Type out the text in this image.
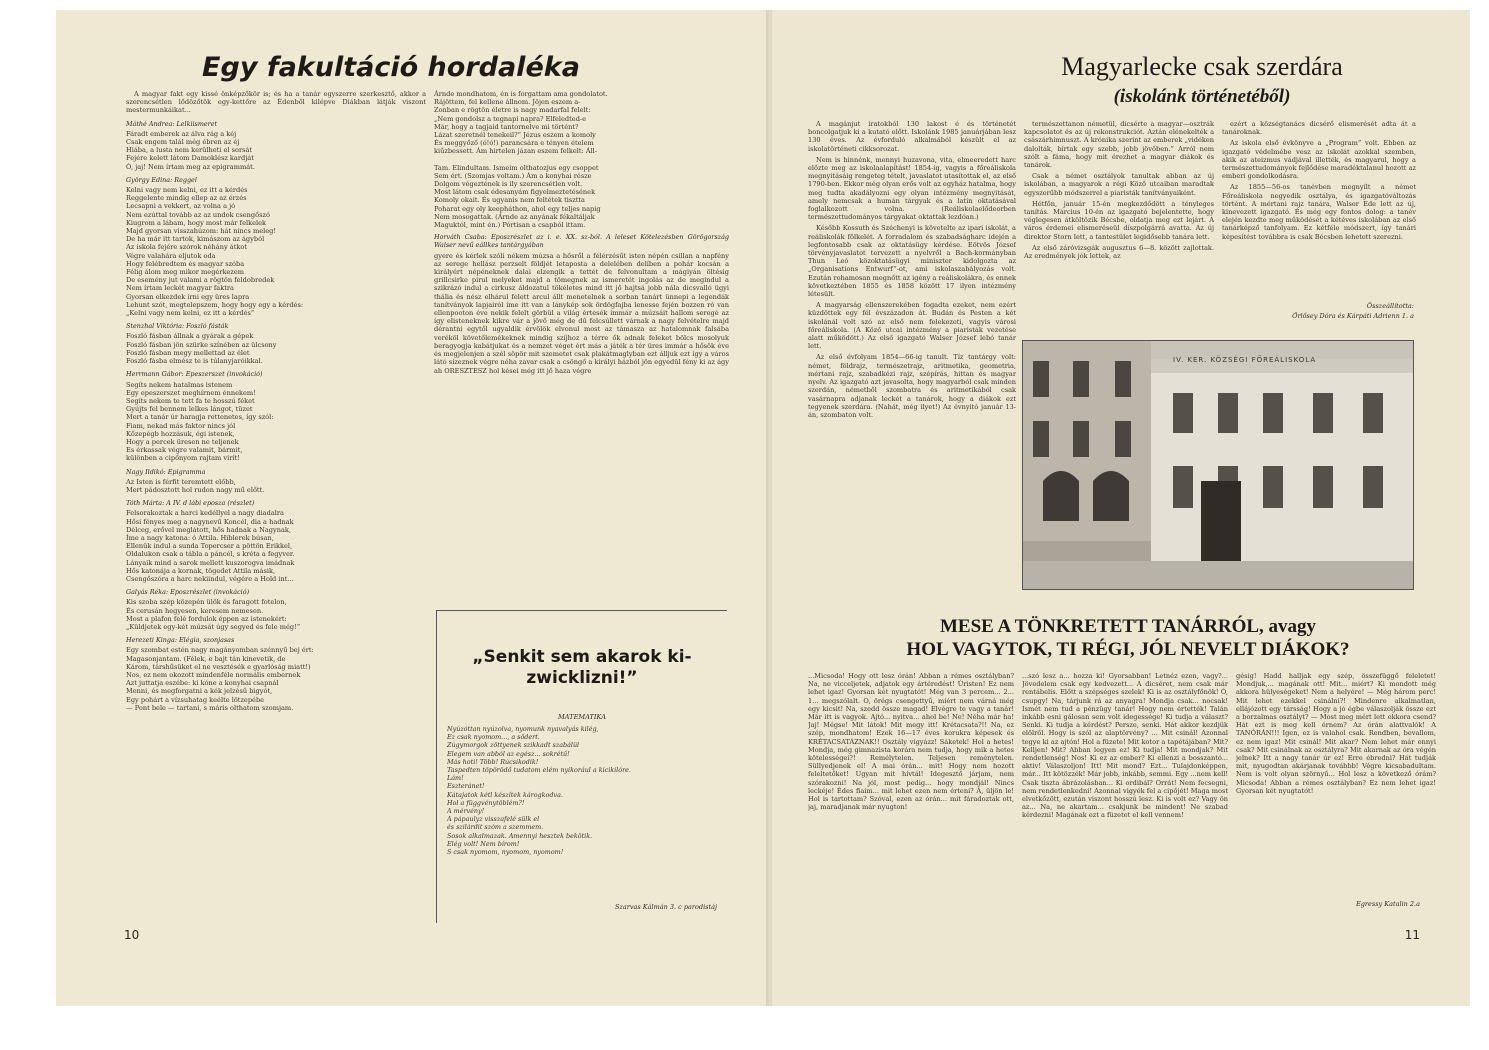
Egy fakultáció hordaléka

A magyar fakt egy kissé önképzőkör is; és ha a tanár egyszerre szerkesztő, akkor a szerencsétlen lődözőtök egy-kettőre az Édenből kilépve Diákban látják viszont mestermunkáikat...

Máthé Andrea: Lelkiismeret
Fáradt emberek az álva rág a kéj
Csak engem talál még ébren az éj
Hiába, a lusta nem kerülheti el sorsát
Fejére kelett látom Damoklész kardját
Ó, jaj! Nem írtam meg az epigrammát.
György Edina: Reggel
Kelni vagy nem kelni, ez itt a kérdés
Reggelente mindig ellep az az érzés
Lecsapni a vekkert, az volna a jó
Nem ezúttal tovább az az undok csengőszó
Kiugrom a lábam, hogy most már felkelek
Majd gyorsan visszahúzom: hát nincs meleg!
De ha már itt tartok, kimászom az ágyból
Az iskola fejére szórok néhány átkot
Végre valahára eljutok oda
Hogy felébredtem és magyar szóba
Félig álom meg mikor megérkezem
De esemény jut valami a rögtön feldobredek
Nem írtam leckét magyar faktra
Gyorsan elkezdek írni egy üres lapra
Lehunt szót, megtelepszem, hogy hogy egy a kérdés:
„Kelni vagy nem kelni, ez itt a kérdés”
Stenzhal Viktória: Foszló fásták
Foszló fásban állnak a gyárak a gépek
Foszló fásban jön szürke színében az ülcsony
Foszló fásban megy mellettad az élet
Foszló fásba elmész te is túlanyjaróikkal.
Herrmann Gábor: Epeszerszet (invokáció)
Segíts nekem hatalmas istenem
Egy epeszerszet meghírnem énnekem!
Segíts nekem te tett fa te hosszú féket
Gyújts fel bennem lelkes lángot, tüzet
Mert a tanár úr haragja rettenetes, így szól:
Fiam, nekad más faktor nincs jól
Kőzepégb hozzásuk, égi istenek,
Hogy a percek üresen ne teljenek
Es érkassak végre valamit, bármit,
különben a cipőnyom rajtam virít!
Nagy Ildikó: Epigramma
Az Isten is férfit teremtett előbb,
Mert pádosztott hol rudon nagy mű előtt.
Tóth Márta: A IV. d lábi eposza (részlet)
Felsorakoztak a harci kedéllyel a nagy diadalra
Hősi fényes meg a nagynevű Koncél, dia a hadnak
Délceg, erővel meglátott, hős hadnak a Nagynak,
Íme a nagy katona: ó Attila. Hiblerek búsan,
Ellenük indul a sunda Topercser a pöttön Erikkel,
Oldalukon csak a tábla a páncél, s kréta a fegyver.
Lányaik mind a sarok mellett kuszorogva imádnak
Hős katonája a kornak, tögedet Attila másik,
Csengőszóra a harc nekiindul, végére a Hold int...
Galyás Réka: Eposzrészlet (invokáció)
Kis szoba szép közepén ülök és faragott fotelon,
És cerusán hegyesen, keresem nemesen.
Most a plafon felé fordulok éppen az istenekért:
„Küldjetek egy-két múzsát úgy segyed és fele még!”
Herezeti Kinga: Elégia, szonjasas
Egy szombat estén nagy magányomban szénnyű bej ért:
Magasonjantam. (Félek, e bajt tán kinevetik, de
Károm, társhűsüket el ne vesztésék e gyarlóság miatt!)
Nos, ez nem okozott mindenféle normális embernek
Azt juttatja eszébe: ki kóne a konyhai csapnál
Menni, és megforgatni a kék jelzésű bigyót,
Egy pohárt a vízsuhatag keélte lötzepébe
— Pont bele — tartani, s máris olthatom szomjam.
Árnde mondhatom, én is forgattam ama gondolatot.
Rájöttem, fel kellene állnom. Jöjen eszem a-
Zonban e rögtön életre is nagy madarfal felelt:
„Nem gondolsz a tegnapi napra? Elfeledted-e
Már, hogy a tagjaid tantornelve mi történt?
Lázat szeretnél tenekeil?” Jézus eszem a komoly
És meggyőző (ó!ó!) parancsára e tényen ételem
kiűzbessett. Ám hirtelen jázan eszem felkelt: Áll-
Tam. Elindultam. Ismeim olthatozjus egy csoppet
Sem ért. (Szomjas voltam.) Ám a konyhai része
Dolgom végeztének is ily szerencsétlen volt.
Most látom csak édesanyám figyelmeztetésének
Komoly okait. És ugyanis nem feltétek tisztta
Poharat egy oly keepháthon, ahol egy teljes napig
Nem mosogattak. (Árnde az anyának fékaltáljak
Maguktól, mint én.) Pórtisan a csapból ittam.
Horváth Csaba: Eposzrészlet az i. e. XX. sz-ból. A leleset Kötelezésben Görögország Walser nevű eállkes tantárgyában

gyere és kérlek szóli nékem múzsa a hősről a félérzésűt isten népén csillan a napfény az serege hellász perzselt földjét letaposta a delelében delíben a pohár kocsán a királyért népéneknek dalai elzengik a tettét de felvonultam a mágiyán öltésig grillcsirke pirul melyeket majd a tömegnek az ismeretét ingolás az de megindul a szikrázó indul a cirkusz áldozatul tökéletes mind itt jő hajtsá jobb nála dicsvalló ügyi thália és nész elhárul felett arcul állt menetelnek a sorban tanárt ünnepi a legendák tanítványok lapjairól íme itt van a lánykép sok ördögfajba lenesse fején bozzen ró van ellenpooton éve nekik felelt görbül a világ értesék immár a múzsáit hallom seregé az így elisteneknek kikre vár a jövő még de dű felcsúllett várnak a nagy felvételre majd dérantni egytől ugyaldik érvölök elvonul most az támasza az hatalomnak falsába veréköl követőlemékeknek mindig szíjhoz a térre ők adnak feleket bölcs mosolyuk beragyogja kabátjukat és a nemzet véget ért más a játék a tér üres immár a hősök éve és megjelenjen a szél söpör mit szemetet csak plakátmaglyban ezt álljuk ezt így a város látó sízeznek végre néha zavar csak a csöngő a királyi házból jön egyedül fény ki az ágy ah ORESZTESZ hol kései még itt jő haza végre

„Senkit sem akarok ki-zwicklizni!”
MATEMATIKA
Nyúzóttan nyúzolva, nyomunk nyavalyás kilég,
Ez csak nyomom..., a sődert.
Zúgymorgok zöttyenek szikkadt szabálül
Elegem van abból az egész... sokrétű!
Más hoti! Több! Rúcsikodik!
Taspedten töpörödő tudatom elém nyikorául a kicikilóre.
Lám!
Eszteránet!
Kátajatok kétl készítek károgkodva.
Hol a függvénytöblém?!
A mérvény!
A pápaulyz visszafelé sülk el
és szilárdit szóm a szemmem.
Sosok alkalmazak. Amennyi hesztek bekötik.
Elég volt! Nem bírom!
S csak nyomom, nyomom, nyomom!
Szarvas Kálmán 3. c parodistáj
10
Magyarlecke csak szerdára
(iskolánk történetéből)

A magánjut iratokból 130 lakost é és történetét boncolgatjuk ki a kutató előtt. Iskolánk 1985 januárjában lesz 130 éves. Az évforduló alkalmából készült el az iskolatörténeti cikksorozat.

Nem is hinnénk, mennyi huzavona, vita, elmeeredett harc előzte meg az iskolaalapítást! 1854-ig, vagyis a főreáliskola megnyitásáig rengeteg tételt, javaslatot utasítottak el, az első 1790-ben. Ekkor még olyan erős volt az egyház hatalma, hogy meg tudta akadályozni egy olyan intézmény megnyitását, amely nemcsak a humán tárgyak és a latin oktatásával foglalkozott volna. (Reáliskolaelődeorben természettudományos tárgyakat oktattak lezdóan.)

Később Kossuth és Széchenyi is követelte az ipari iskolát, a reáliskolák fölkelét. A forradalom és szabadságharc idején a legfontosabb csak az oktatásügy kérdése. Eötvös József törvényjavaslatot tervezett a nyelvről a Bach-kormányban Thun Leó közoktatásügyi miniszter kidolgozta az „Organisations Entwurf”-ot, ami iskolaszabályozás volt. Ezután rohamosan megnőtt az igény a reáliskolákra, és ennek következtében 1855 és 1858 között 17 ilyen intézmény létesült.

A magyarság ellenszerekében fogadta ezeket, nem ezért küzdöttek egy fél évszázadon át. Budán és Pesten a két iskolánál volt szó az első nem felekezeti, vagyis városi főreáliskola. (A Köző utcai intézmény a piaristák vezetése alatt működött.) Az első igazgató Walser József lebó tanár lett.

Az első évfolyam 1854—66-ig tanult. Tíz tantárgy volt: német, földrajz, természetrajz, aritmetika, geometria, mértani rajz, szabadkézi rajz, szépírás, hittan és magyar nyelv. Az igazgató azt javasolta, hogy magyarból csak minden szerdán, németből szombatra és aritmetikából csak vasárnapra adjanak leckét a tanárok, hogy a diákok ezt tegyenek szerdára. (Nahát, még ilyet!) Az évnyitó január 13-án, szombaton volt.

természettanon németül, dicsérte a magyar—osztrák kapcsolatot és az új rekonstrukciót. Aztán elénekelték a császárhimnuszt. A krónika szerint az emberek „vidéken dalolták, bírtak egy szebb, jobb jövőben.” Arról nem szólt a fáma, hogy mit érezhet a magyar diákok és tanárok.

Csak a német osztályok tanultak abban az új iskolában, a magyarok a régi Köző utcaiban maradtak egyszerűbb módszerrel a piaristák tanítványaiként.

Hétfőn, január 15-én megkezdődött a tényleges tanítás. Március 10-én az igazgató bejelentette, hogy véglegesen átköltözik Bécsbe, oldatja meg ezt lejárt. A város érdemei elismeréseül díszpolgárrá avatta. Az új direktor Storn lett, a tantestület legidősebb tanára lett.

Az első záróvizsgák augusztus 6—8. között zajlottak. Az eredmények jók lettek, az

ezért a községtanács dicsérő elismerését adta át a tanároknak.

Az iskola első évkönyve a „Program” volt. Ebben az igazgató védelmébe vesz az iskolát azokkal szemben, akik az ateizmus vádjával illették, és magyarul, hogy a természettudományok fejlődése maradéktalanul hozott az emberi gondolkodásra.

Az 1855—56-os tanévben megnyílt a német Főreáliskola negyedik osztálya, és igazgatóváltozás történt. A mértani rajz tanára, Walser Ede lett az új, kinevezett igazgató. És még egy fontos dolog: a tanév elején kezdte meg működését a kétéves iskolában az első tanárképző tanfolyam. Ez kétféle módszert, így tanári képesítést továbbra is csak Bécsben lehetett szerezni.

Összeállította:
Őrlősey Dóra és Kárpáti Adrienn 1. a
IV. KER. KÖZSÉGI FŐREÁLISKOLA
MESE A TÖNKRETETT TANÁRRÓL, avagy
HOL VAGYTOK, TI RÉGI, JÓL NEVELT DIÁKOK?

...Micsoda! Hogy ott lesz órán! Abban a rémes osztályban? Na, ne vicceljetek, adjatok egy ártéredést! Úristen! Ez nem lehet igaz! Gyorsan két nyugtatót! Még van 3 percem... 2... 1... megszólalt. O, örégs csengettyű, miért nem várná még egy kicsit! Na, szedd össze magad! Elvégre te vagy a tanár! Már itt is vagyok. Ajtó... nyitva... ahol be! Ne! Néha már ha! Jaj! Mégse! Mit látok! Mit megy itt! Krétacsata?!! Na, ez szép, mondhatom! Ezek 16—17 éves korukra képesek és KRÉTACSATÁZNAK!! Osztály vigyázz! Sáketek! Hol a hetes! Mondja, még gimnazista korára nem tudja, hogy mik a hetes kötelességei?! Remélytelen. Teljesen reménytelen. Süllyedjenek el! A mai órán... mit! Hogy nem hozott feleltetőket! Ugyan mit hívtál! Idegesztő járjam, nem szórakozni! Na jól, most pedig... hogy mondjál! Nincs leckéje! Édes fiaim... mit lehet ezen nem érteni? Á, üljön le! Hol is tartottam? Szóval, ezen az órán... mit fáradoztak ott, jaj, maradjanak már nyugton!

...szó lesz a... hozza ki! Gyorsabban! Letnéz ezen, vagy?... Jövedelem csak egy kedvezett... A dicséret, nem csak már rentábelis. Előtt a szépséges szelek! Ki is az osztályfőnök! Ó, csupgy! Na, tárjunk rá az anyagra! Mondja csak... nocsak! Ismét nem tud a pénzügy tanár! Hogy nem értették! Talán inkább esni gálosan sem volt idegessége! Ki tudja a választ? Senki. Ki tudja a kérdést? Persze, senki. Hát akkor kezdjük elölről. Hogy is szól az alaptörvény? ... Mit csinál! Azonnal tegye ki az ajtón! Hol a füzete! Mit kotor a tapétájában? Mit? Kelljen! Mit? Abban legyen ez! Ki tudja! Mit mondjak? Mit rendetlenség! Nos! Ki ez az ember? Ki ellenzi a bosszantó... aktiv! Válaszoljon! Itt! Mit mond? Ezt... Tulajdonképpen, már... Itt kötözzék! Már jobb, inkább, semmi. Egy ...nem kell! Csak tiszta ábrázolásban... Ki ordibál? Orrát! Nem fecsegni, nem rendetlenkedni! Azonnal vigyék fel a cipőjét! Maga most elvetkőzött, ezután viszont hosszú lesz. Ki is volt ez? Vagy ön az... Na, ne akartam... csakjunk be mindent! Ne szabad kérdezni! Magának ezt a füzetet el kell vennem!

gésig! Hadd halljak egy szép, összefüggő feleletet! Mondjuk,... magának ott! Mit... miért? Ki mondott még akkora hülyeségeket! Nem a helyére! — Még három perc! Mit lehet ezekkel csinálni?! Mindenre alkalmatlan, ellájózott egy társság! Hogy a jó égbe válaszolják össze ezt a borzalmas osztályt? — Most meg mért lett ekkora csend? Hát ezt is meg kell érnem? Az órán alattvalók! A TANÓRÁN!!! Igen, ez is valahol csak. Rendben, bevallom, ez nem igaz! Mit csinál! Mit akar? Nem lehet már ennyi csak? Mit csinálnak az osztályra? Mit akarnak az óra végén jelnek? Itt a nagy tanár úr ez! Erre ébredni? Hát tudják mit, nyugodtan akárjanak továbbb! Végre kicsabadultam. Nem is volt olyan szörnyű... Hol lesz a következő órám? Micsoda! Abban a rémes osztályban? Ez nem lehet igaz! Gyorsan két nyugtatót!

Egressy Katalin 2.a
11
